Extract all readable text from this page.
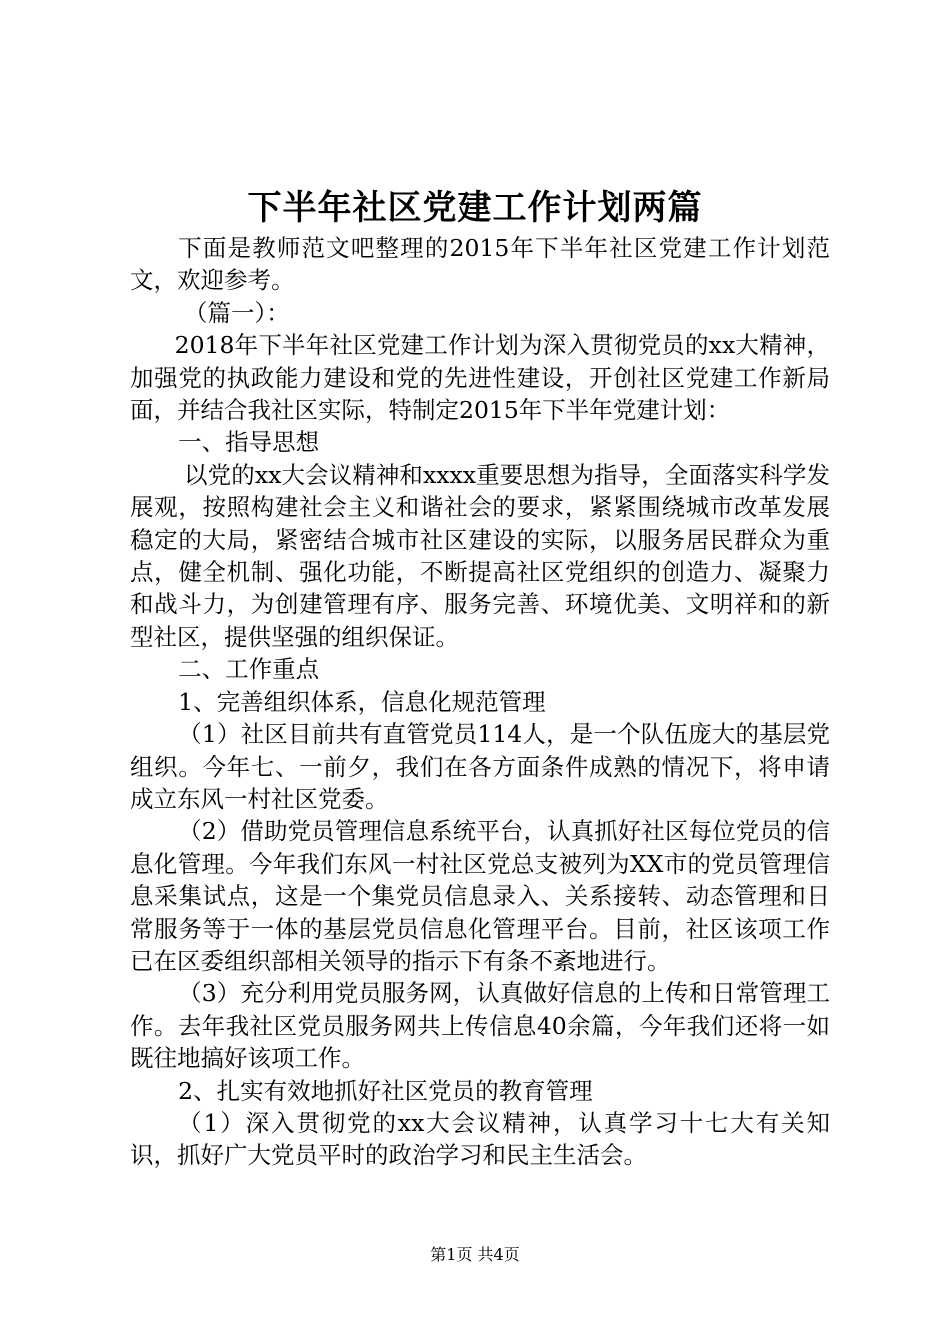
下半年社区党建工作计划两篇

下面是教师范文吧整理的2015年下半年社区党建工作计划范文，欢迎参考。

（篇一）：

2018年下半年社区党建工作计划为深入贯彻党员的xx大精神，加强党的执政能力建设和党的先进性建设，开创社区党建工作新局面，并结合我社区实际，特制定2015年下半年党建计划：

一、指导思想

以党的xx大会议精神和xxxx重要思想为指导，全面落实科学发展观，按照构建社会主义和谐社会的要求，紧紧围绕城市改革发展稳定的大局，紧密结合城市社区建设的实际，以服务居民群众为重点，健全机制、强化功能，不断提高社区党组织的创造力、凝聚力和战斗力，为创建管理有序、服务完善、环境优美、文明祥和的新型社区，提供坚强的组织保证。

二、工作重点

1、完善组织体系，信息化规范管理

（1）社区目前共有直管党员114人，是一个队伍庞大的基层党组织。今年七、一前夕，我们在各方面条件成熟的情况下，将申请成立东风一村社区党委。

（2）借助党员管理信息系统平台，认真抓好社区每位党员的信息化管理。今年我们东风一村社区党总支被列为XX市的党员管理信息采集试点，这是一个集党员信息录入、关系接转、动态管理和日常服务等于一体的基层党员信息化管理平台。目前，社区该项工作已在区委组织部相关领导的指示下有条不紊地进行。

（3）充分利用党员服务网，认真做好信息的上传和日常管理工作。去年我社区党员服务网共上传信息40余篇，今年我们还将一如既往地搞好该项工作。

2、扎实有效地抓好社区党员的教育管理

（1）深入贯彻党的xx大会议精神，认真学习十七大有关知识，抓好广大党员平时的政治学习和民主生活会。

第1页 共4页
